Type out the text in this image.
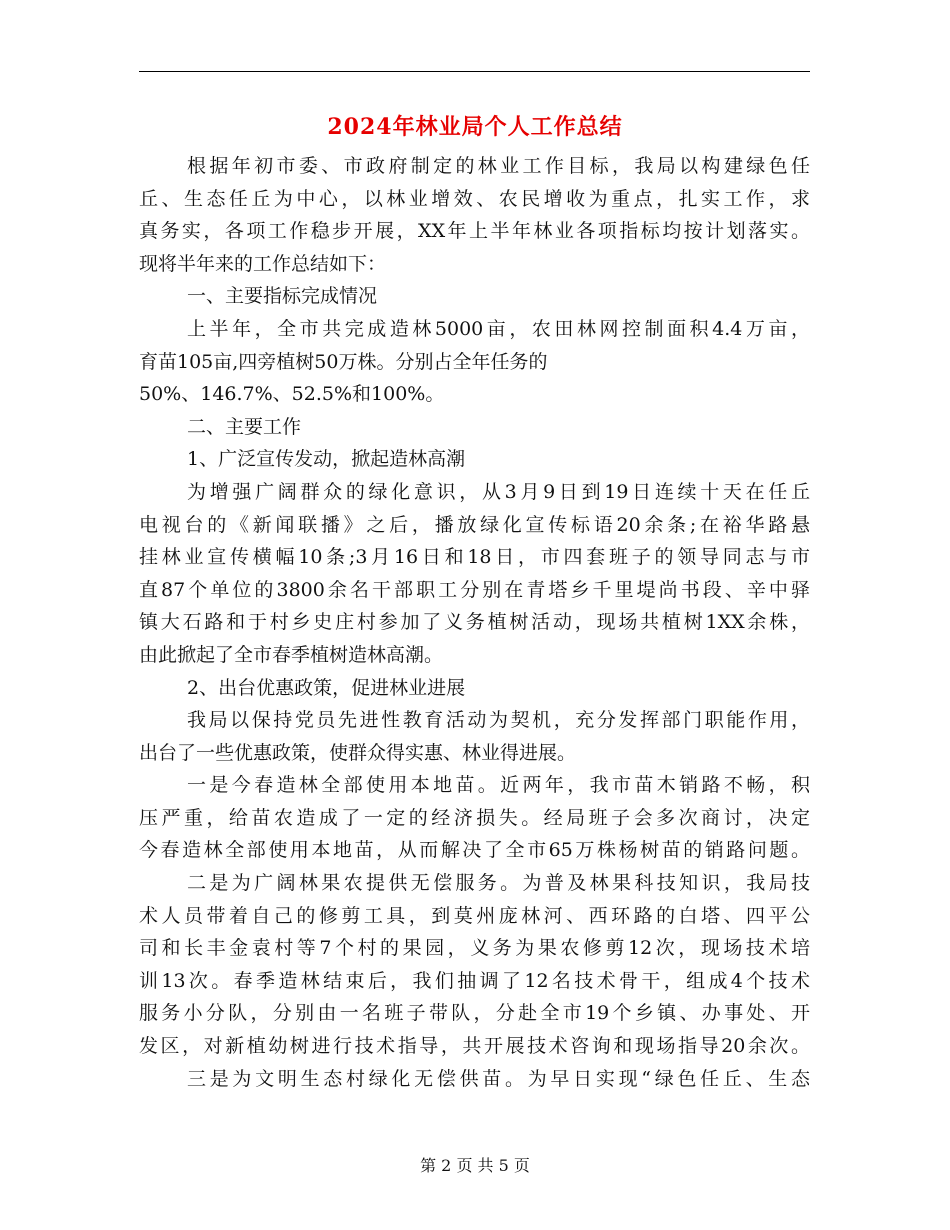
2024年林业局个人工作总结
根据年初市委、市政府制定的林业工作目标，我局以构建绿色任
丘、生态任丘为中心，以林业增效、农民增收为重点，扎实工作，求
真务实，各项工作稳步开展，XX年上半年林业各项指标均按计划落实。
现将半年来的工作总结如下：
一、主要指标完成情况
上半年，全市共完成造林5000亩，农田林网控制面积4.4万亩，
育苗105亩,四旁植树50万株。分别占全年任务的
50%、146.7%、52.5%和100%。
二、主要工作
1、广泛宣传发动，掀起造林高潮
为增强广阔群众的绿化意识，从3月9日到19日连续十天在任丘
电视台的《新闻联播》之后，播放绿化宣传标语20余条;在裕华路悬
挂林业宣传横幅10条;3月16日和18日，市四套班子的领导同志与市
直87个单位的3800余名干部职工分别在青塔乡千里堤尚书段、辛中驿
镇大石路和于村乡史庄村参加了义务植树活动，现场共植树1XX余株，
由此掀起了全市春季植树造林高潮。
2、出台优惠政策，促进林业进展
我局以保持党员先进性教育活动为契机，充分发挥部门职能作用，
出台了一些优惠政策，使群众得实惠、林业得进展。
一是今春造林全部使用本地苗。近两年，我市苗木销路不畅，积
压严重，给苗农造成了一定的经济损失。经局班子会多次商讨，决定
今春造林全部使用本地苗，从而解决了全市65万株杨树苗的销路问题。
二是为广阔林果农提供无偿服务。为普及林果科技知识，我局技
术人员带着自己的修剪工具，到莫州庞林河、西环路的白塔、四平公
司和长丰金袁村等7个村的果园，义务为果农修剪12次，现场技术培
训13次。春季造林结束后，我们抽调了12名技术骨干，组成4个技术
服务小分队，分别由一名班子带队，分赴全市19个乡镇、办事处、开
发区，对新植幼树进行技术指导，共开展技术咨询和现场指导20余次。
三是为文明生态村绿化无偿供苗。为早日实现“绿色任丘、生态
第 2 页 共 5 页
